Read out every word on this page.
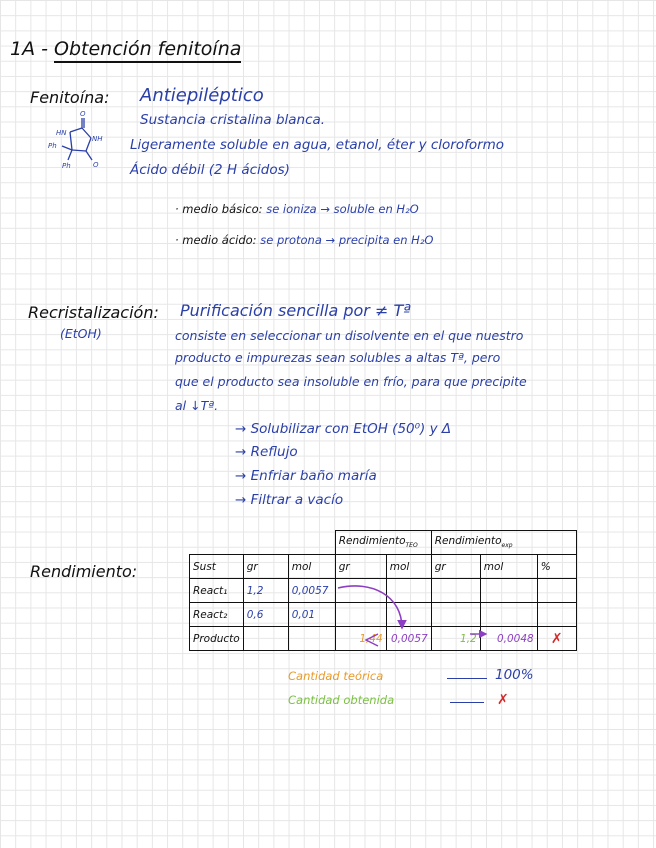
1A - Obtención fenitoína
Fenitoína: Antiepiléptico
HN
NH
O
O
Ph
Ph
Sustancia cristalina blanca.
Ligeramente soluble en agua, etanol, éter y cloroformo
Ácido débil (2 H ácidos)
· medio básico: se ioniza → soluble en H₂O
· medio ácido: se protona → precipita en H₂O
Recristalización:
(EtOH)
Purificación sencilla por ≠ Tª
consiste en seleccionar un disolvente en el que nuestro
producto e impurezas sean solubles a altas Tª, pero
que el producto sea insoluble en frío, para que precipite
al ↓Tª.
→ Solubilizar con EtOH (50⁰) y Δ
→ Reflujo
→ Enfriar baño maría
→ Filtrar a vacío
Rendimiento:
			Rendimiento$_{TEO}$		Rendimiento$_{exp}$
Sust	gr	mol	gr	mol	gr	mol	%
React₁	1,2	0,0057					
React₂	0,6	0,01					
Producto			1,44	0,0057	1,2	0,0048	✗
Cantidad teórica	100%
Cantidad obtenida	✗
